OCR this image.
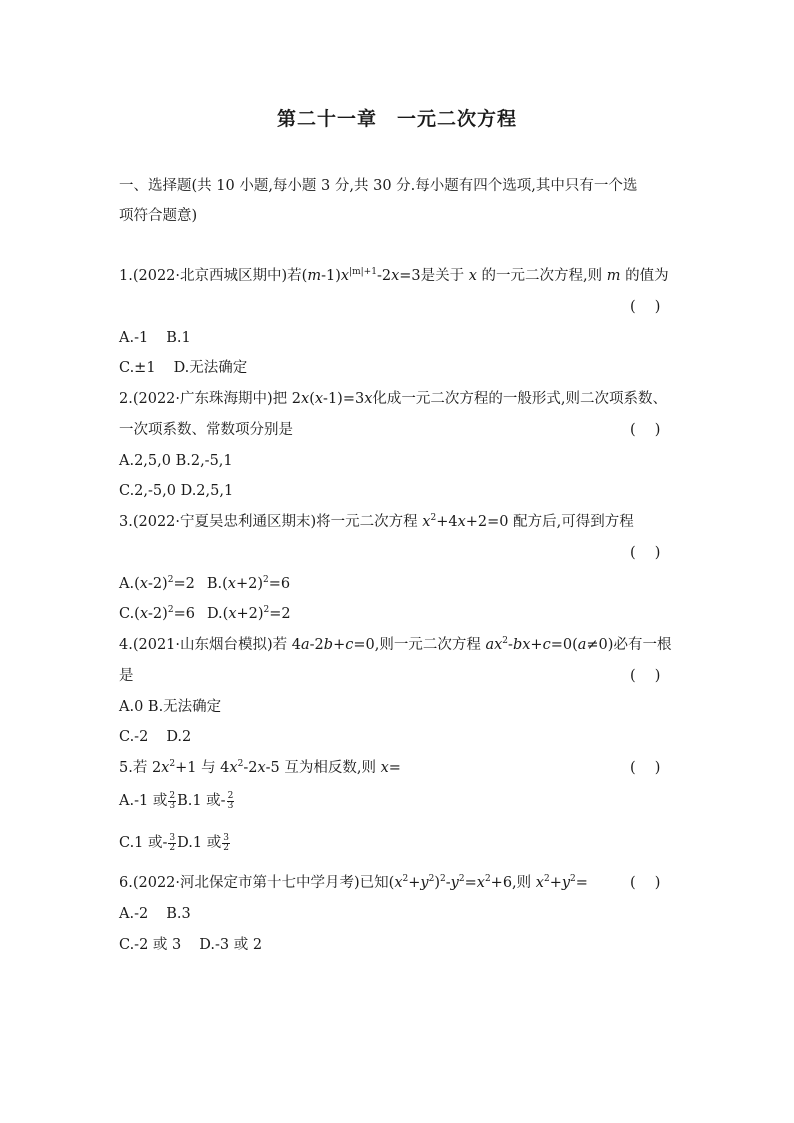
第二十一章　一元二次方程
一、选择题(共 10 小题,每小题 3 分,共 30 分.每小题有四个选项,其中只有一个选
项符合题意)
1.(2022·北京西城区期中)若$(m-1)x^{|m|+1}-2x=3$是关于 x 的一元二次方程,则 m 的值为
(　 )
A.-1 B.1
C.±1 D.无法确定
2.(2022·广东珠海期中)把 2x(x-1)=3x化成一元二次方程的一般形式,则二次项系数、
一次项系数、常数项分别是	(　 )
A.2,5,0 B.2,-5,1
C.2,-5,0 D.2,5,1
3.(2022·宁夏吴忠利通区期末)将一元二次方程 $x^2+4x+2=0$ 配方后,可得到方程
(　 )
$A.(x-2)^2=2$ $B.(x+2)^2=6$
$C.(x-2)^2=6$ $D.(x+2)^2=2$
4.(2021·山东烟台模拟)若 4a-2b+c=0,则一元二次方程 $ax^2-bx+c=0(a\ne 0)$必有一根
是	(　 )
A.0 B.无法确定
C.-2 D.2
5.若 $2x^2+1$ 与 $4x^2-2x-5$ 互为相反数,则 x=	(　 )
A.-1 或 $\frac{2}{3} B.1$ 或- $\frac{2}{3}$
C.1 或- $\frac{3}{2} D.1$ 或 $\frac{3}{2}$
6.(2022·河北保定市第十七中学月考)已知$(x^2+y^2)^2-y^2=x^2+6$,则 $x^2+y^2=$	(　 )
A.-2 B.3
C.-2 或 3 D.-3 或 2
